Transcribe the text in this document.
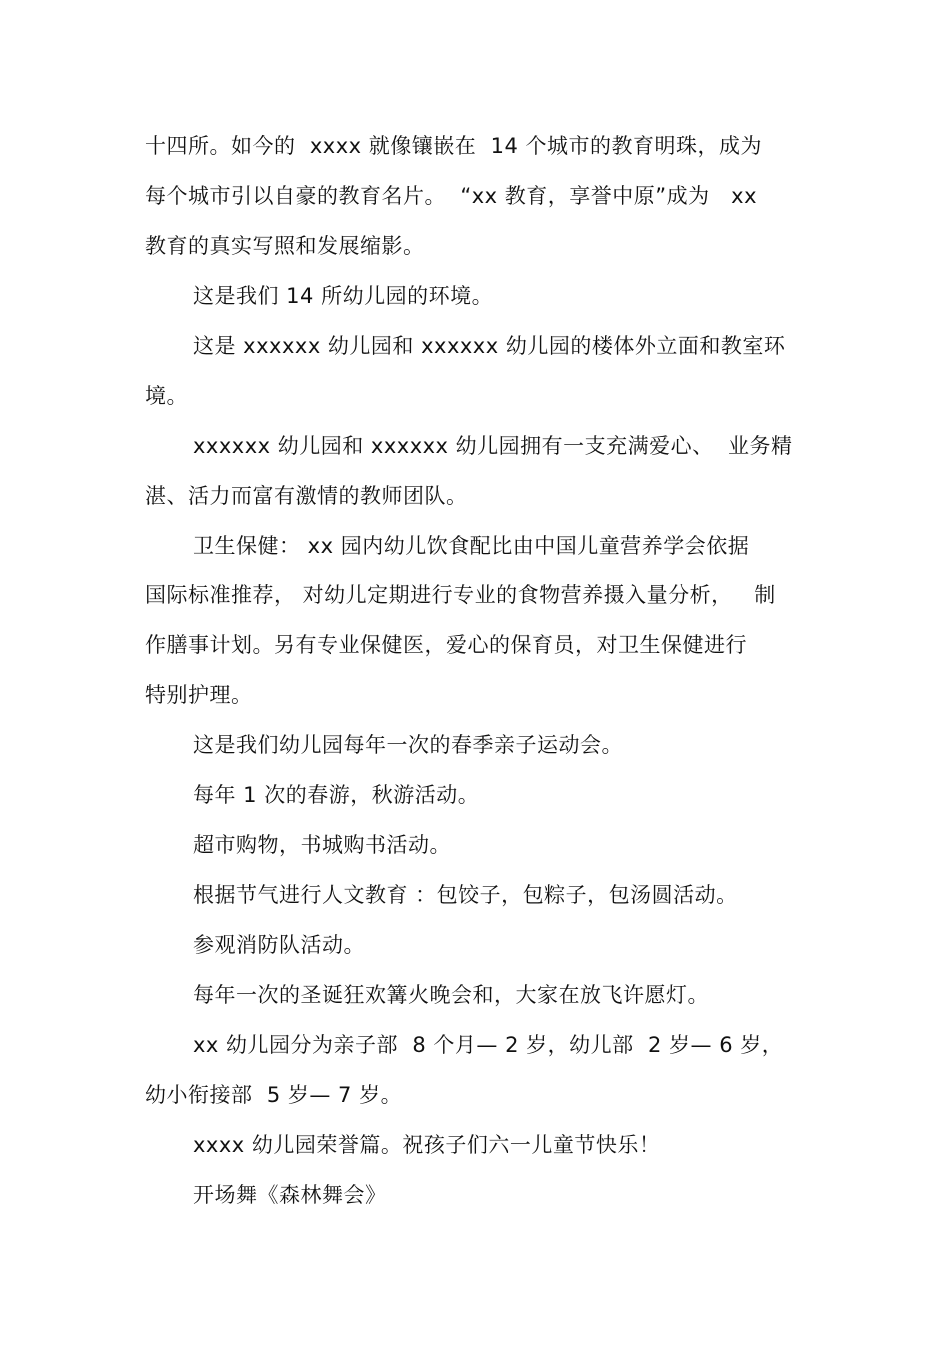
十四所。如今的  xxxx 就像镶嵌在  14 个城市的教育明珠，成为
每个城市引以自豪的教育名片。  “xx 教育，享誉中原”成为   xx
教育的真实写照和发展缩影。
这是我们 14 所幼儿园的环境。
这是 xxxxxx 幼儿园和 xxxxxx 幼儿园的楼体外立面和教室环
境。
xxxxxx 幼儿园和 xxxxxx 幼儿园拥有一支充满爱心、  业务精
湛、活力而富有激情的教师团队。
卫生保健： xx 园内幼儿饮食配比由中国儿童营养学会依据
国际标准推荐， 对幼儿定期进行专业的食物营养摄入量分析，   制
作膳事计划。另有专业保健医，爱心的保育员，对卫生保健进行
特别护理。
这是我们幼儿园每年一次的春季亲子运动会。
每年 1 次的春游，秋游活动。
超市购物，书城购书活动。
根据节气进行人文教育 ：包饺子，包粽子，包汤圆活动。
参观消防队活动。
每年一次的圣诞狂欢篝火晚会和，大家在放飞许愿灯。
xx 幼儿园分为亲子部  8 个月— 2 岁，幼儿部  2 岁— 6 岁，
幼小衔接部  5 岁— 7 岁。
xxxx 幼儿园荣誉篇。祝孩子们六一儿童节快乐！
开场舞《森林舞会》
